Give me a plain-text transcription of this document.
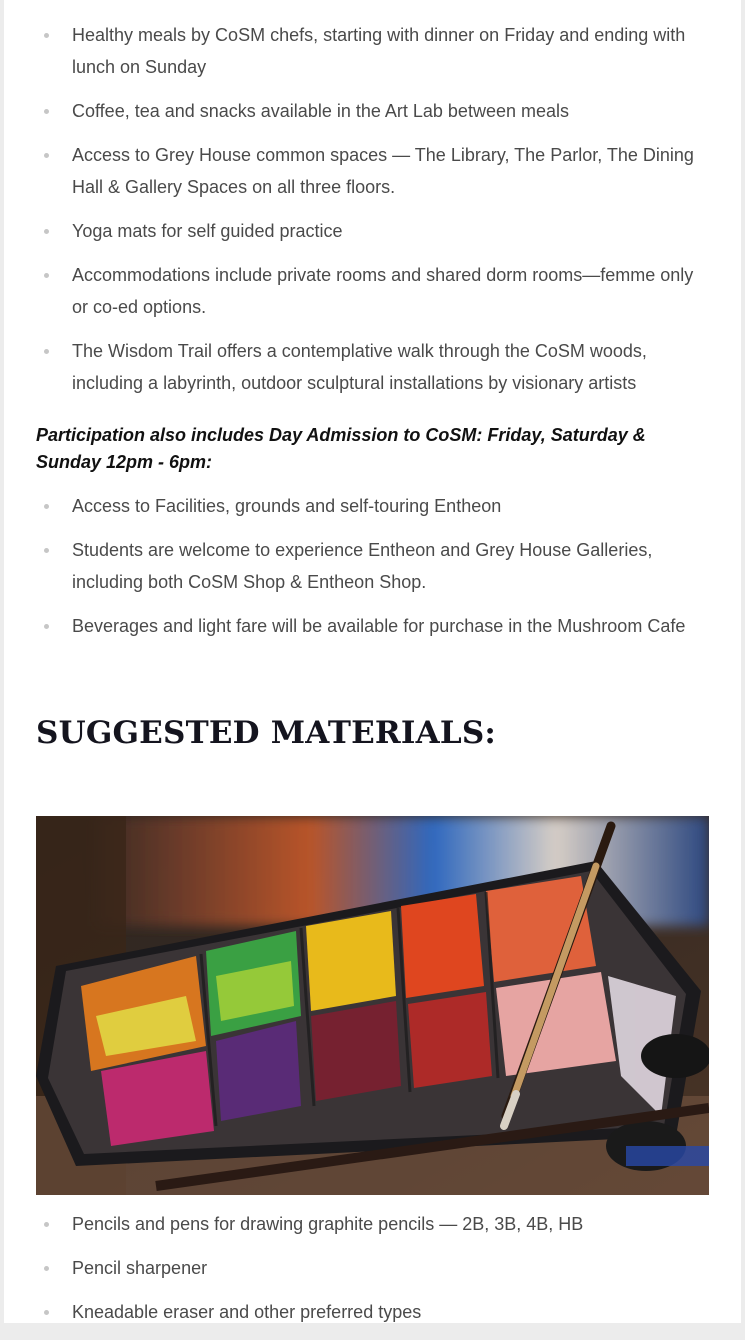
Healthy meals by CoSM chefs, starting with dinner on Friday and ending with lunch on Sunday
Coffee, tea and snacks available in the Art Lab between meals
Access to Grey House common spaces — The Library, The Parlor, The Dining Hall & Gallery Spaces on all three floors.
Yoga mats for self guided practice
Accommodations include private rooms and shared dorm rooms—femme only or co-ed options.
The Wisdom Trail offers a contemplative walk through the CoSM woods, including a labyrinth, outdoor sculptural installations by visionary artists

Participation also includes Day Admission to CoSM: Friday, Saturday & Sunday 12pm - 6pm:

Access to Facilities, grounds and self-touring Entheon
Students are welcome to experience Entheon and Grey House Galleries, including both CoSM Shop & Entheon Shop.
Beverages and light fare will be available for purchase in the Mushroom Cafe
SUGGESTED MATERIALS:
Pencils and pens for drawing graphite pencils — 2B, 3B, 4B, HB
Pencil sharpener
Kneadable eraser and other preferred types
